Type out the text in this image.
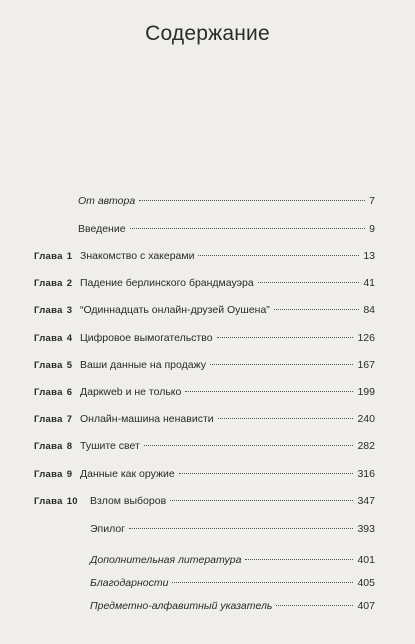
Содержание
От автора	7
Введение	9
Глава 1 Знакомство с хакерами	13
Глава 2 Падение берлинского брандмауэра	41
Глава 3 “Одиннадцать онлайн-друзей Оушена”	84
Глава 4 Цифровое вымогательство	126
Глава 5 Ваши данные на продажу	167
Глава 6 Даркweb и не только	199
Глава 7 Онлайн-машина ненависти	240
Глава 8 Тушите свет	282
Глава 9 Данные как оружие	316
Глава 10	Взлом выборов	347
Эпилог	393
Дополнительная литература	401
Благодарности	405
Предметно-алфавитный указатель	407
